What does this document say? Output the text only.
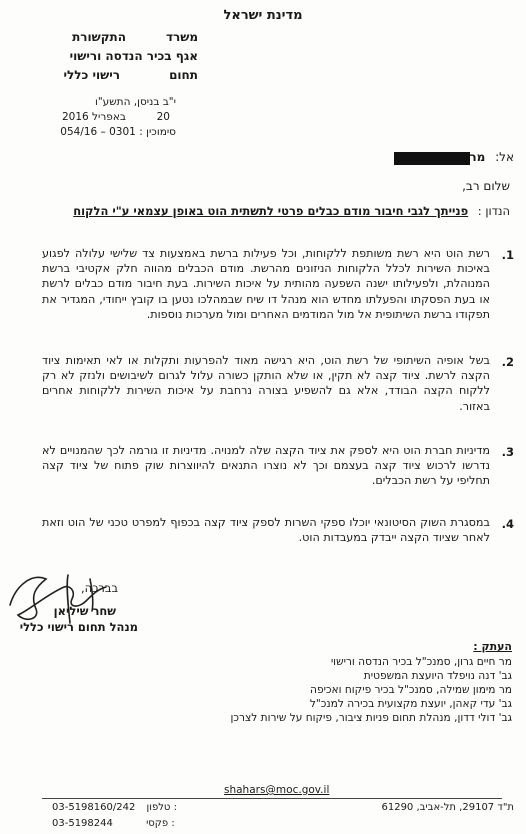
מדינת ישראל
משרד
התקשורת
אגף בכיר הנדסה ורישוי
תחום
רישוי כללי
י"ב בניסן, התשע"ו
20  באפריל 2016
סימוכין : 054/16 – 0301
אל: מר
שלום רב,
הנדון : פנייתך לגבי חיבור מודם כבלים פרטי לתשתית הוט באופן עצמאי ע"י הלקוח
1.
רשת הוט היא רשת משותפת ללקוחות, וכל פעילות ברשת באמצעות צד שלישי עלולה לפגוע באיכות השירות לכלל הלקוחות הניזונים מהרשת. מודם הכבלים מהווה חלק אקטיבי ברשת המנוהלת, ולפעילותו ישנה השפעה מהותית על איכות השירות. בעת חיבור מודם כבלים לרשת או בעת הפסקתו והפעלתו מחדש הוא מנהל דו שיח שבמהלכו נטען בו קובץ ייחודי, המגדיר את תפקודו ברשת השיתופית אל מול המודמים האחרים ומול מערכות נוספות.
2.
בשל אופיה השיתופי של רשת הוט, היא רגישה מאוד להפרעות ותקלות או לאי תאימות ציוד הקצה לרשת. ציוד קצה לא תקין, או שלא הותקן כשורה עלול לגרום לשיבושים ולנזק לא רק ללקוח הקצה הבודד, אלא גם להשפיע בצורה נרחבת על איכות השירות ללקוחות אחרים באזור.
3.
מדיניות חברת הוט היא לספק את ציוד הקצה שלה למנויה. מדיניות זו גורמה לכך שהמנויים לא נדרשו לרכוש ציוד קצה בעצמם וכך לא נוצרו התנאים להיווצרות שוק פתוח של ציוד קצה תחליפי על רשת הכבלים.
4.
במסגרת השוק הסיטונאי יוכלו ספקי השרות לספק ציוד קצה בכפוף למפרט טכני של הוט וזאת לאחר שציוד הקצה ייבדק במעבדות הוט.
בברכה,
שחר שיליאן
מנהל תחום רישוי כללי
העתק :
מר חיים גרון, סמנכ"ל בכיר הנדסה ורישוי
גב' דנה נויפלד היועצת המשפטית
מר מימון שמילה, סמנכ"ל בכיר פיקוח ואכיפה
גב' עדי קאהן, יועצת מקצועית בכירה למנכ"ל
גב' דולי דדון, מנהלת תחום פניות ציבור, פיקוח על שירות לצרכן
shahars@moc.gov.il
ת"ד 29107, תל-אביב, 61290
03-5198160/242 טלפון :
03-5198244	פקסי :
